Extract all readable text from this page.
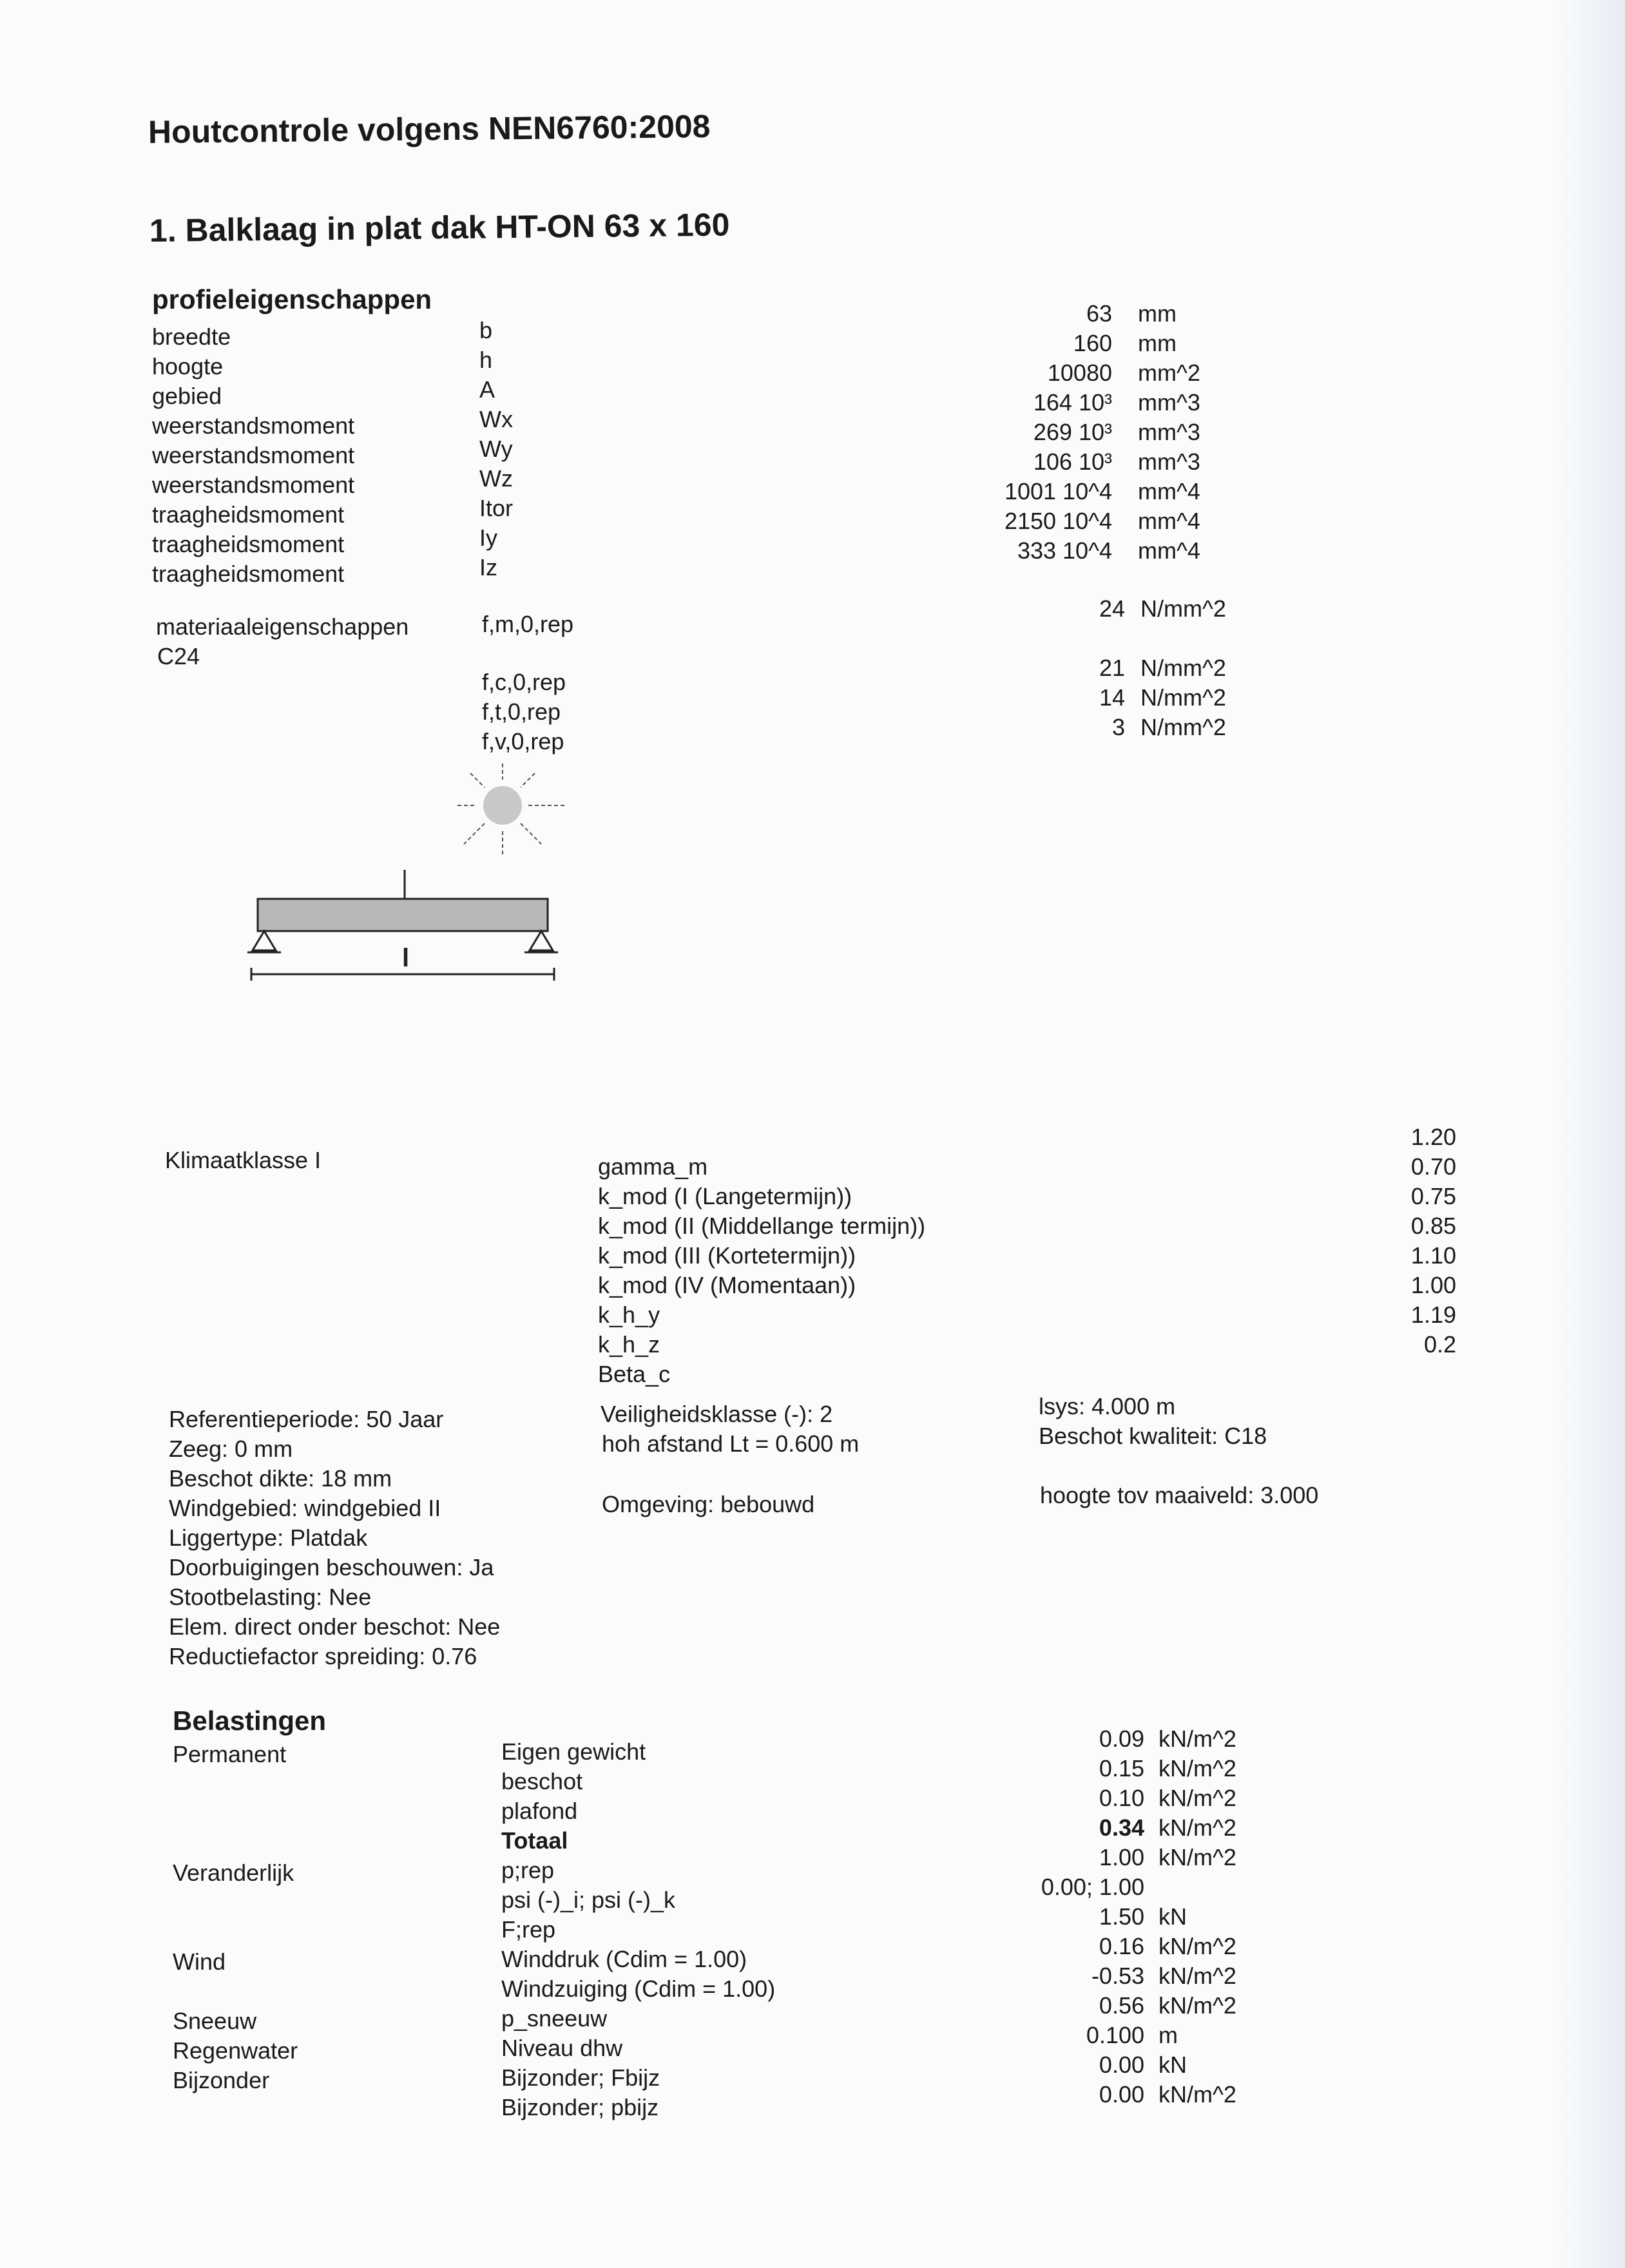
Houtcontrole volgens NEN6760:2008
1. Balklaag in plat dak HT-ON 63 x 160
profieleigenschappen
breedte
hoogte
gebied
weerstandsmoment
weerstandsmoment
weerstandsmoment
traagheidsmoment
traagheidsmoment
traagheidsmoment
b
h
A
Wx
Wy
Wz
Itor
Iy
Iz
63
160
10080
164 10³
269 10³
106 10³
1001 10^4
2150 10^4
333 10^4
mm
mm
mm^2
mm^3
mm^3
mm^3
mm^4
mm^4
mm^4
materiaaleigenschappen
C24
f,m,0,rep
f,c,0,rep
f,t,0,rep
f,v,0,rep
24 N/mm^2
21
14
3
N/mm^2
N/mm^2
N/mm^2
l
Klimaatklasse I
	gamma_m
k_mod (I (Langetermijn))
k_mod (II (Middellange termijn))
k_mod (III (Kortetermijn))
k_mod (IV (Momentaan))
k_h_y
k_h_z
Beta_c
1.20
0.70
0.75
0.85
1.10
1.00
1.19
0.2

Referentieperiode: 50 Jaar
Zeeg: 0 mm
Beschot dikte: 18 mm
Windgebied: windgebied II
Liggertype: Platdak
Doorbuigingen beschouwen: Ja
Stootbelasting: Nee
Elem. direct onder beschot: Nee
Reductiefactor spreiding: 0.76
Veiligheidsklasse (-): 2
hoh afstand Lt = 0.600 m
Omgeving: bebouwd
lsys: 4.000 m
Beschot kwaliteit: C18
hoogte tov maaiveld: 3.000
Belastingen
Permanent

Veranderlijk

Wind

Sneeuw
Regenwater
Bijzonder

Eigen gewicht
beschot
plafond
Totaal
p;rep
psi (-)_i; psi (-)_k
F;rep
Winddruk (Cdim = 1.00)
Windzuiging (Cdim = 1.00)
p_sneeuw
Niveau dhw
Bijzonder; Fbijz
Bijzonder; pbijz
0.09
0.15
0.10
0.34
1.00
0.00; 1.00
1.50
0.16
-0.53
0.56
0.100
0.00
0.00
kN/m^2
kN/m^2
kN/m^2
kN/m^2
kN/m^2

kN
kN/m^2
kN/m^2
kN/m^2
m
kN
kN/m^2
